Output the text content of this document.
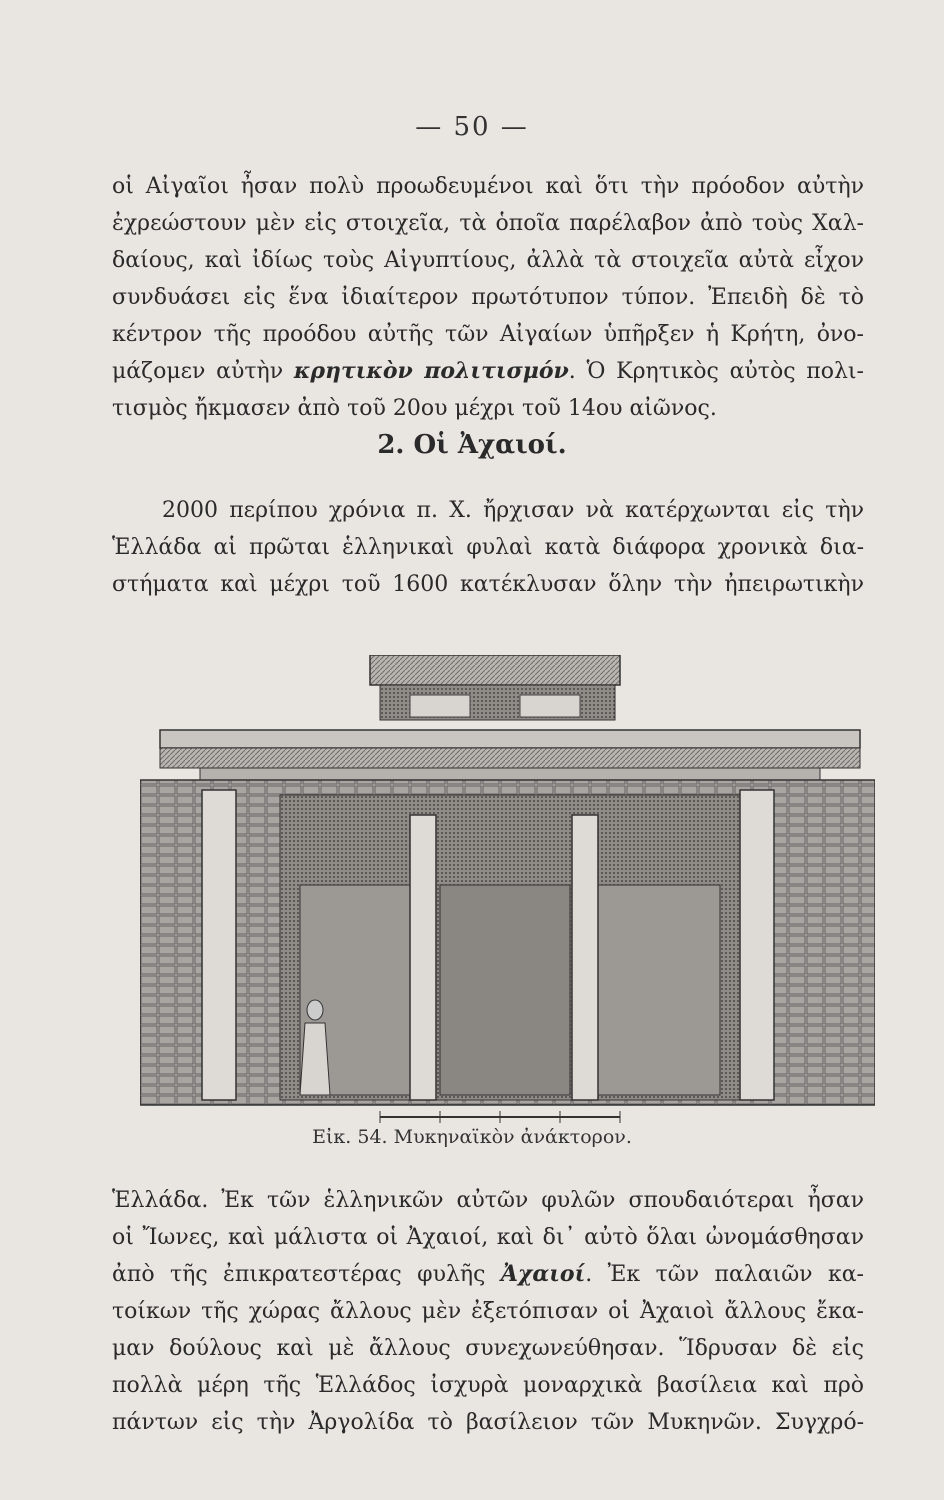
— 50 —

οἱ Αἰγαῖοι ἦσαν πολὺ προωδευμένοι καὶ ὅτι τὴν πρόοδον αὐτὴν
ἐχρεώστουν μὲν εἰς στοιχεῖα, τὰ ὁποῖα παρέλαβον ἀπὸ τοὺς Χαλ-
δαίους, καὶ ἰδίως τοὺς Αἰγυπτίους, ἀλλὰ τὰ στοιχεῖα αὐτὰ εἶχον
συνδυάσει εἰς ἕνα ἰδιαίτερον πρωτότυπον τύπον. Ἐπειδὴ δὲ τὸ
κέντρον τῆς προόδου αὐτῆς τῶν Αἰγαίων ὑπῆρξεν ἡ Κρήτη, ὀνο-
μάζομεν αὐτὴν κρητικὸν πολιτισμόν. Ὁ Κρητικὸς αὐτὸς πολι-
τισμὸς ἤκμασεν ἀπὸ τοῦ 20ου μέχρι τοῦ 14ου αἰῶνος.

2. Οἱ Ἀχαιοί.

2000 περίπου χρόνια π. Χ. ἤρχισαν νὰ κατέρχωνται εἰς τὴν
Ἑλλάδα αἱ πρῶται ἑλληνικαὶ φυλαὶ κατὰ διάφορα χρονικὰ δια-
στήματα καὶ μέχρι τοῦ 1600 κατέκλυσαν ὅλην τὴν ἠπειρωτικὴν

Εἰκ. 54. Μυκηναϊκὸν ἀνάκτορον.

Ἑλλάδα. Ἐκ τῶν ἑλληνικῶν αὐτῶν φυλῶν σπουδαιότεραι ἦσαν
οἱ Ἴωνες, καὶ μάλιστα οἱ Ἀχαιοί, καὶ δι᾽ αὐτὸ ὅλαι ὠνομάσθησαν
ἀπὸ τῆς ἐπικρατεστέρας φυλῆς Ἀχαιοί. Ἐκ τῶν παλαιῶν κα-
τοίκων τῆς χώρας ἄλλους μὲν ἐξετόπισαν οἱ Ἀχαιοὶ ἄλλους ἔκα-
μαν δούλους καὶ μὲ ἄλλους συνεχωνεύθησαν. Ἵδρυσαν δὲ εἰς
πολλὰ μέρη τῆς Ἑλλάδος ἰσχυρὰ μοναρχικὰ βασίλεια καὶ πρὸ
πάντων εἰς τὴν Ἀργολίδα τὸ βασίλειον τῶν Μυκηνῶν. Συγχρό-
